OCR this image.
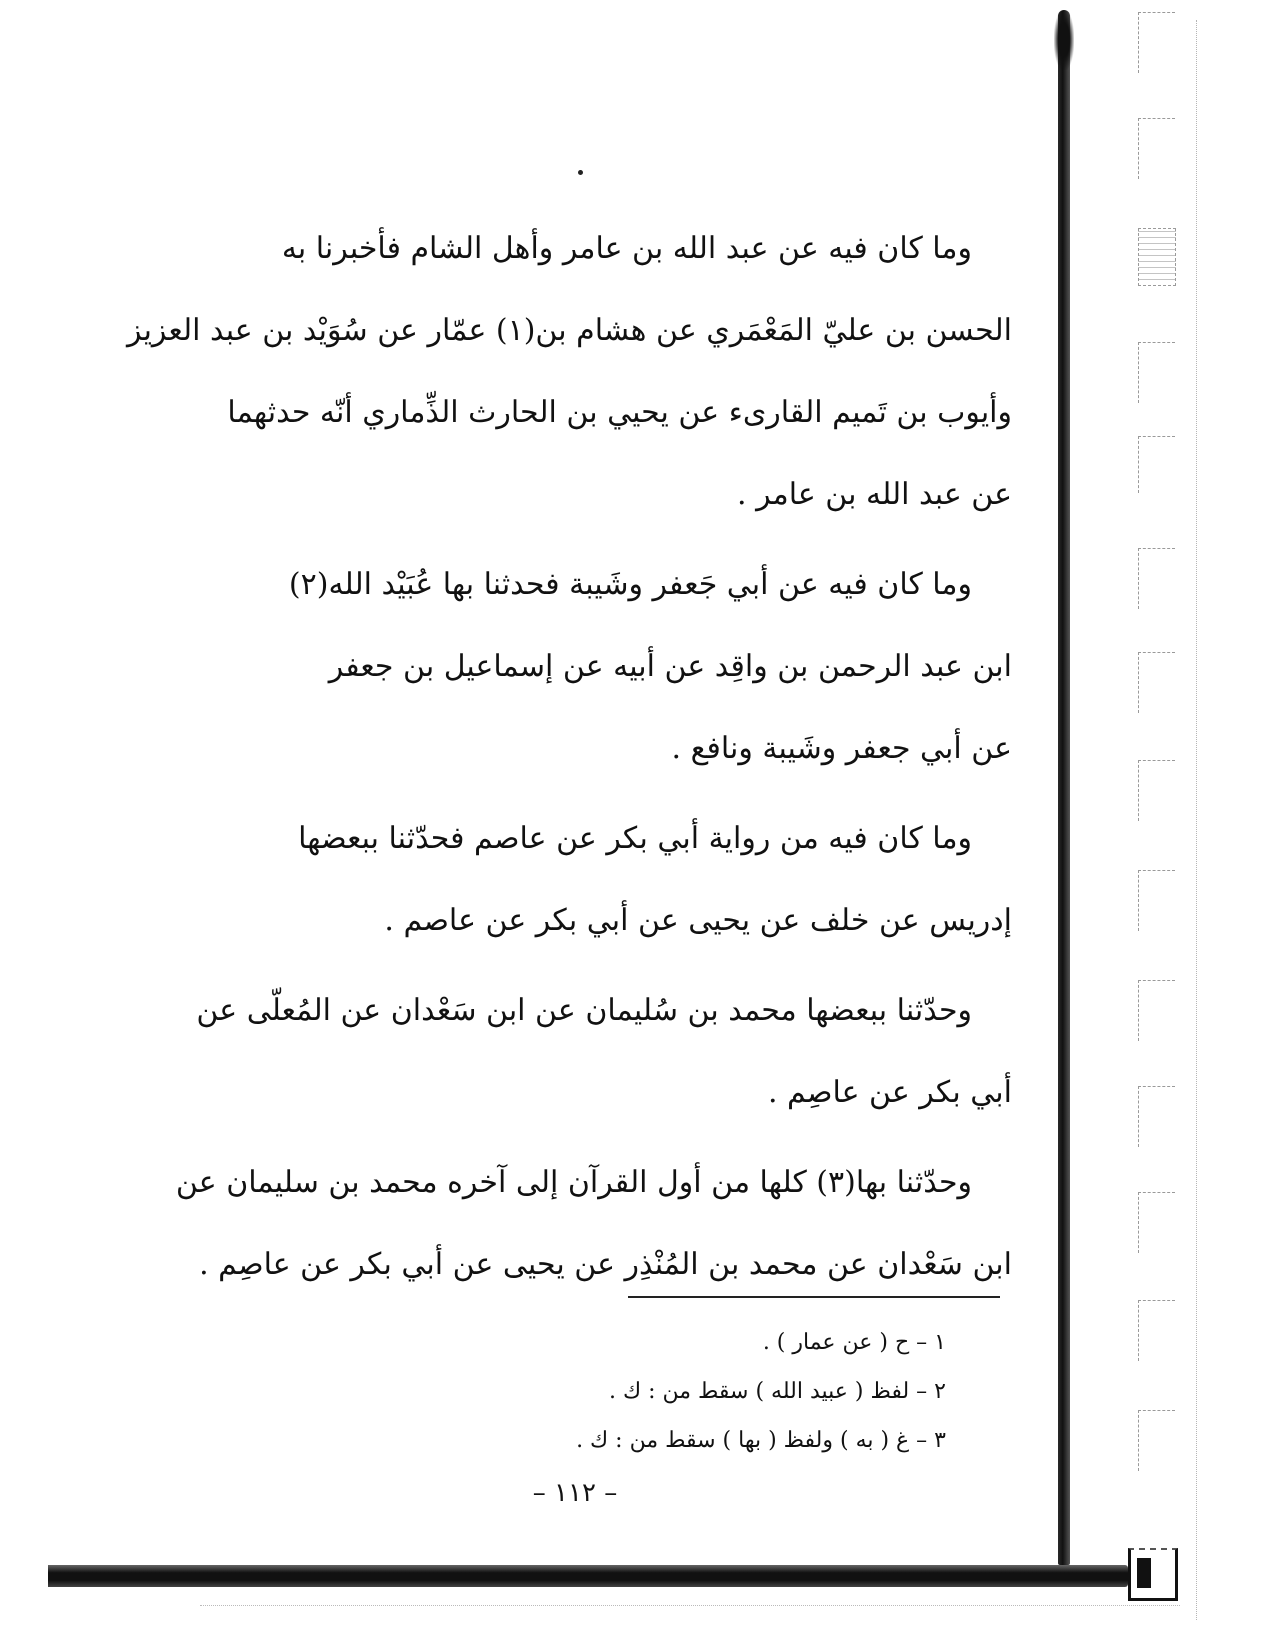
وما كان فيه عن عبد الله بن عامر وأهل الشام فأخبرنا به
الحسن بن عليّ المَعْمَري عن هشام بن(١) عمّار عن سُوَيْد بن عبد العزيز
وأيوب بن تَميم القارىء عن يحيي بن الحارث الذِّماري أنّه حدثهما
عن عبد الله بن عامر .

وما كان فيه عن أبي جَعفر وشَيبة فحدثنا بها عُبَيْد الله(٢)
ابن عبد الرحمن بن واقِد عن أبيه عن إسماعيل بن جعفر
عن أبي جعفر وشَيبة ونافع .

وما كان فيه من رواية أبي بكر عن عاصم فحدّثنا ببعضها
إدريس عن خلف عن يحيى عن أبي بكر عن عاصم .

وحدّثنا ببعضها محمد بن سُليمان عن ابن سَعْدان عن المُعلّى عن
أبي بكر عن عاصِم .

وحدّثنا بها(٣) كلها من أول القرآن إلى آخره محمد بن سليمان عن
ابن سَعْدان عن محمد بن المُنْذِر عن يحيى عن أبي بكر عن عاصِم .

١ – ح ( عن عمار ) .

٢ – لفظ ( عبيد الله ) سقط من : ك .

٣ – غ ( به ) ولفظ ( بها ) سقط من : ك .

– ١١٢ –
